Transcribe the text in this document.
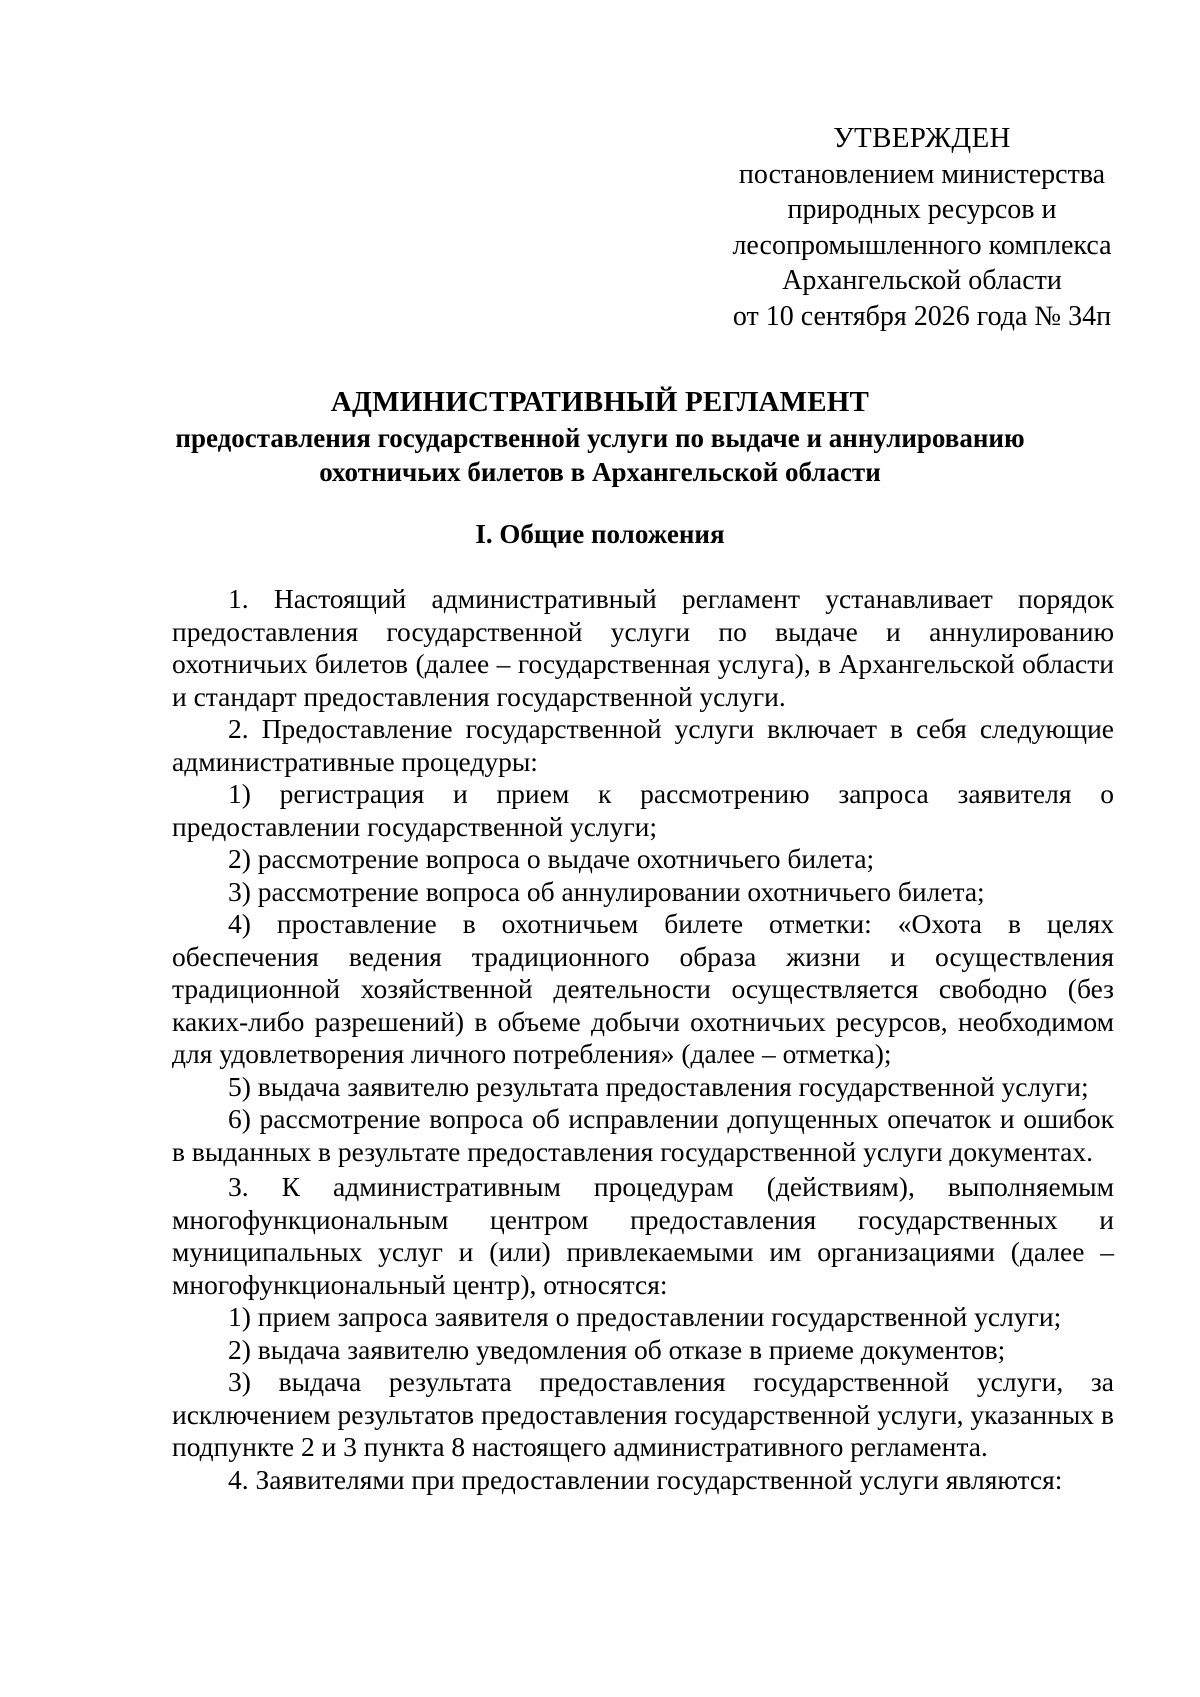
УТВЕРЖДЕН
постановлением министерства
природных ресурсов и
лесопромышленного комплекса
Архангельской области
от 10 сентября 2026 года № 34п
АДМИНИСТРАТИВНЫЙ РЕГЛАМЕНТ
предоставления государственной услуги по выдаче и аннулированию
охотничьих билетов в Архангельской области
I. Общие положения

1. Настоящий административный регламент устанавливает порядок предоставления государственной услуги по выдаче и аннулированию охотничьих билетов (далее – государственная услуга), в Архангельской области и стандарт предоставления государственной услуги.

2. Предоставление государственной услуги включает в себя следующие административные процедуры:

1) регистрация и прием к рассмотрению запроса заявителя о предоставлении государственной услуги;

2) рассмотрение вопроса о выдаче охотничьего билета;

3) рассмотрение вопроса об аннулировании охотничьего билета;

4) проставление в охотничьем билете отметки: «Охота в целях обеспечения ведения традиционного образа жизни и осуществления традиционной хозяйственной деятельности осуществляется свободно (без каких-либо разрешений) в объеме добычи охотничьих ресурсов, необходимом для удовлетворения личного потребления» (далее – отметка);

5) выдача заявителю результата предоставления государственной услуги;

6) рассмотрение вопроса об исправлении допущенных опечаток и ошибок в выданных в результате предоставления государственной услуги документах.

3. К административным процедурам (действиям), выполняемым многофункциональным центром предоставления государственных и муниципальных услуг и (или) привлекаемыми им организациями (далее – многофункциональный центр), относятся:

1) прием запроса заявителя о предоставлении государственной услуги;

2) выдача заявителю уведомления об отказе в приеме документов;

3) выдача результата предоставления государственной услуги, за исключением результатов предоставления государственной услуги, указанных в подпункте 2 и 3 пункта 8 настоящего административного регламента.

4. Заявителями при предоставлении государственной услуги являются:
